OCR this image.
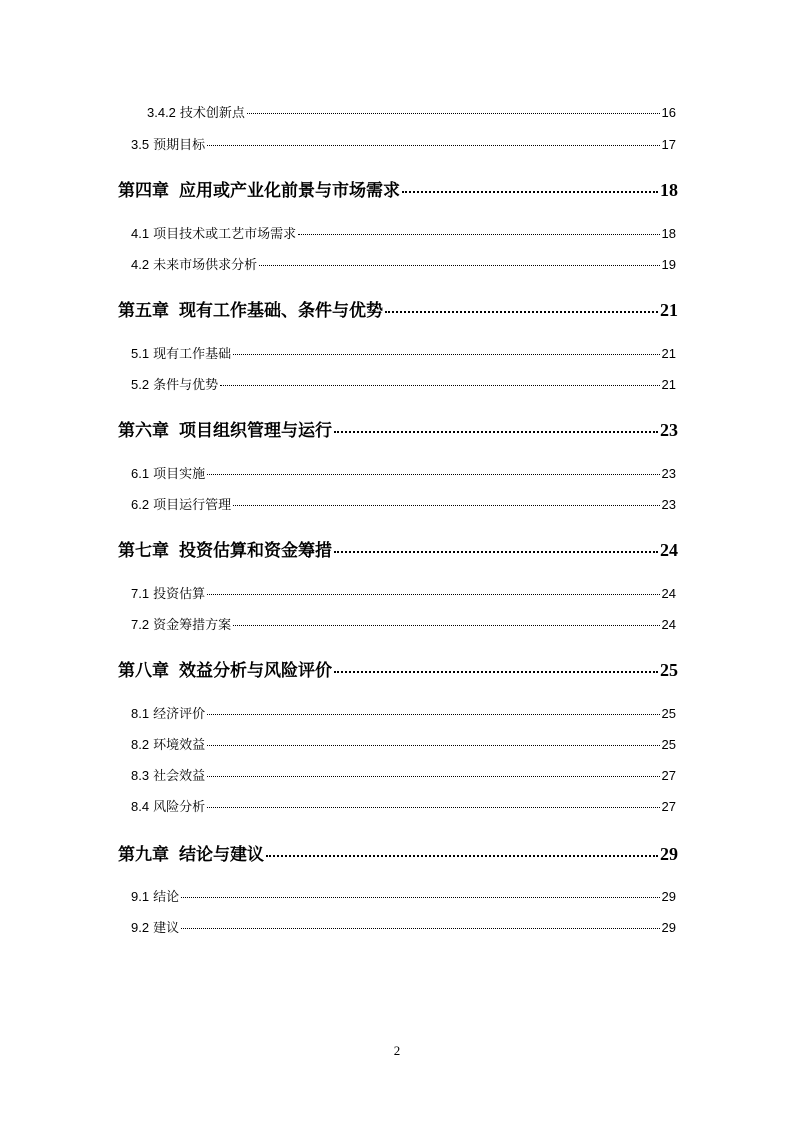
3.4.2 技术创新点	16
3.5 预期目标	17
第四章 应用或产业化前景与市场需求	18
4.1 项目技术或工艺市场需求	18
4.2 未来市场供求分析	19
第五章 现有工作基础、条件与优势	21
5.1 现有工作基础	21
5.2 条件与优势	21
第六章 项目组织管理与运行	23
6.1 项目实施	23
6.2 项目运行管理	23
第七章 投资估算和资金筹措	24
7.1 投资估算	24
7.2 资金筹措方案	24
第八章 效益分析与风险评价	25
8.1 经济评价	25
8.2 环境效益	25
8.3 社会效益	27
8.4 风险分析	27
第九章 结论与建议	29
9.1 结论	29
9.2 建议	29
2
